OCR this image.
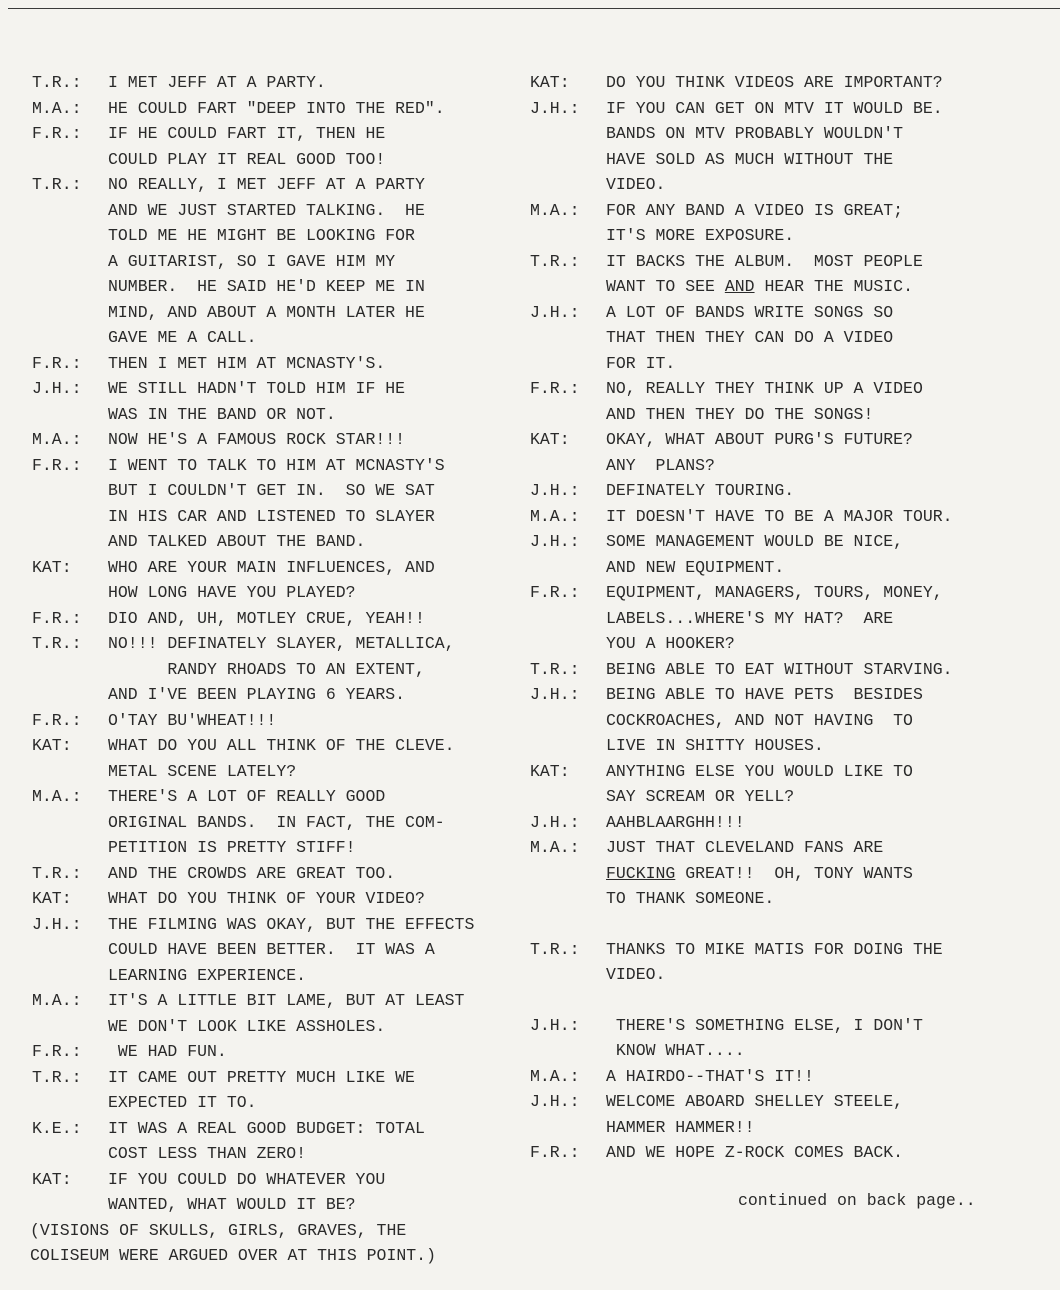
T.R.:	I MET JEFF AT A PARTY.
M.A.:	HE COULD FART "DEEP INTO THE RED".
F.R.:	IF HE COULD FART IT, THEN HE
COULD PLAY IT REAL GOOD TOO!
T.R.:	NO REALLY, I MET JEFF AT A PARTY
AND WE JUST STARTED TALKING.  HE
TOLD ME HE MIGHT BE LOOKING FOR
A GUITARIST, SO I GAVE HIM MY
NUMBER.  HE SAID HE'D KEEP ME IN
MIND, AND ABOUT A MONTH LATER HE
GAVE ME A CALL.
F.R.:	THEN I MET HIM AT MCNASTY'S.
J.H.:	WE STILL HADN'T TOLD HIM IF HE
WAS IN THE BAND OR NOT.
M.A.:	NOW HE'S A FAMOUS ROCK STAR!!!
F.R.:	I WENT TO TALK TO HIM AT MCNASTY'S
BUT I COULDN'T GET IN.  SO WE SAT
IN HIS CAR AND LISTENED TO SLAYER
AND TALKED ABOUT THE BAND.
KAT:	WHO ARE YOUR MAIN INFLUENCES, AND
HOW LONG HAVE YOU PLAYED?
F.R.:	DIO AND, UH, MOTLEY CRUE, YEAH!!
T.R.:	NO!!! DEFINATELY SLAYER, METALLICA,
RANDY RHOADS TO AN EXTENT,
AND I'VE BEEN PLAYING 6 YEARS.
F.R.:	O'TAY BU'WHEAT!!!
KAT:	WHAT DO YOU ALL THINK OF THE CLEVE.
METAL SCENE LATELY?
M.A.:	THERE'S A LOT OF REALLY GOOD
ORIGINAL BANDS.  IN FACT, THE COM-
PETITION IS PRETTY STIFF!
T.R.:	AND THE CROWDS ARE GREAT TOO.
KAT:	WHAT DO YOU THINK OF YOUR VIDEO?
J.H.:	THE FILMING WAS OKAY, BUT THE EFFECTS
COULD HAVE BEEN BETTER.  IT WAS A
LEARNING EXPERIENCE.
M.A.:	IT'S A LITTLE BIT LAME, BUT AT LEAST
WE DON'T LOOK LIKE ASSHOLES.
F.R.:	WE HAD FUN.
T.R.:	IT CAME OUT PRETTY MUCH LIKE WE
EXPECTED IT TO.
K.E.:	IT WAS A REAL GOOD BUDGET: TOTAL
COST LESS THAN ZERO!
KAT:	IF YOU COULD DO WHATEVER YOU
WANTED, WHAT WOULD IT BE?
(VISIONS OF SKULLS, GIRLS, GRAVES, THE
COLISEUM WERE ARGUED OVER AT THIS POINT.)
KAT:	DO YOU THINK VIDEOS ARE IMPORTANT?
J.H.:	IF YOU CAN GET ON MTV IT WOULD BE.
BANDS ON MTV PROBABLY WOULDN'T
HAVE SOLD AS MUCH WITHOUT THE
VIDEO.
M.A.:	FOR ANY BAND A VIDEO IS GREAT;
IT'S MORE EXPOSURE.
T.R.:	IT BACKS THE ALBUM.  MOST PEOPLE
WANT TO SEE AND HEAR THE MUSIC.
J.H.:	A LOT OF BANDS WRITE SONGS SO
THAT THEN THEY CAN DO A VIDEO
FOR IT.
F.R.:	NO, REALLY THEY THINK UP A VIDEO
AND THEN THEY DO THE SONGS!
KAT:	OKAY, WHAT ABOUT PURG'S FUTURE?
ANY  PLANS?
J.H.:	DEFINATELY TOURING.
M.A.:	IT DOESN'T HAVE TO BE A MAJOR TOUR.
J.H.:	SOME MANAGEMENT WOULD BE NICE,
AND NEW EQUIPMENT.
F.R.:	EQUIPMENT, MANAGERS, TOURS, MONEY,
LABELS...WHERE'S MY HAT?  ARE
YOU A HOOKER?
T.R.:	BEING ABLE TO EAT WITHOUT STARVING.
J.H.:	BEING ABLE TO HAVE PETS  BESIDES
COCKROACHES, AND NOT HAVING  TO
LIVE IN SHITTY HOUSES.
KAT:	ANYTHING ELSE YOU WOULD LIKE TO
SAY SCREAM OR YELL?
J.H.:	AAHBLAARGHH!!!
M.A.:	JUST THAT CLEVELAND FANS ARE
FUCKING GREAT!!  OH, TONY WANTS
TO THANK SOMEONE.
T.R.:	THANKS TO MIKE MATIS FOR DOING THE
VIDEO.
J.H.:	THERE'S SOMETHING ELSE, I DON'T
KNOW WHAT....
M.A.:	A HAIRDO--THAT'S IT!!
J.H.:	WELCOME ABOARD SHELLEY STEELE,
HAMMER HAMMER!!
F.R.:	AND WE HOPE Z-ROCK COMES BACK.
continued on back page..
